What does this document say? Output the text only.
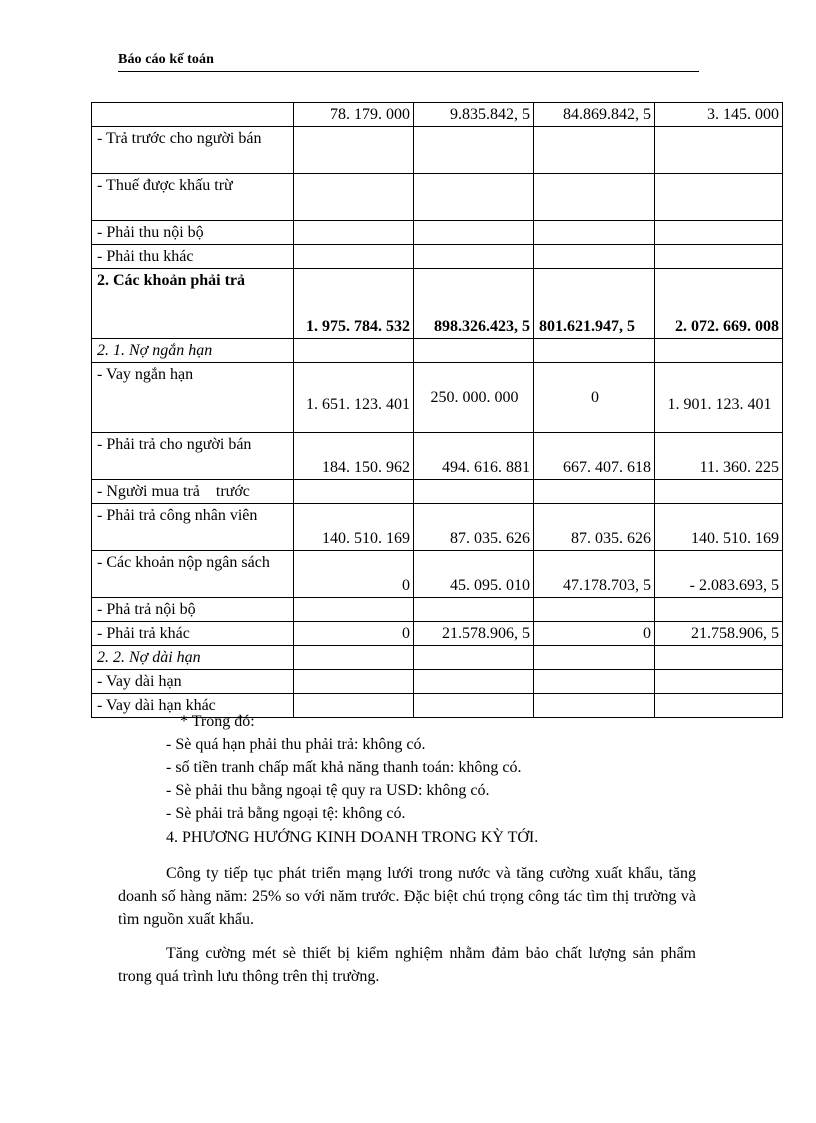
Báo cáo kế toán
	78. 179. 000	9.835.842, 5	84.869.842, 5	3. 145. 000
- Trả trước cho người bán				
- Thuế được khấu trừ				
- Phải thu nội bộ				
- Phải thu khác				
2. Các khoản phải trả	1. 975. 784. 532	898.326.423, 5	801.621.947, 5	2. 072. 669. 008
2. 1. Nợ ngắn hạn				
- Vay ngắn hạn	1. 651. 123. 401	250. 000. 000	0	1. 901. 123. 401
- Phải trả cho người bán	184. 150. 962	494. 616. 881	667. 407. 618	11. 360. 225
- Người mua trả    trước				
- Phải trả công nhân viên	140. 510. 169	87. 035. 626	87. 035. 626	140. 510. 169
- Các khoản nộp ngân sách	0	45. 095. 010	47.178.703, 5	- 2.083.693, 5
- Phả trả nội bộ				
- Phải trả khác	0	21.578.906, 5	0	21.758.906, 5
2. 2. Nợ dài hạn				
- Vay dài hạn				
- Vay dài hạn khác				
* Trong đó:
- Sè quá hạn phải thu phải trả: không có.
- số tiền tranh chấp mất khả năng thanh toán: không có.
- Sè phải thu bằng ngoại tệ quy ra USD: không có.
- Sè phải trả bằng ngoại tệ: không có.
4. PHƯƠNG HƯỚNG KINH DOANH TRONG KỲ TỚI.
Công ty tiếp tục phát triển mạng lưới trong nước và tăng cường xuất khẩu, tăng doanh số hàng năm: 25% so với năm trước. Đặc biệt chú trọng công tác tìm thị trường và tìm nguồn xuất khẩu.
Tăng cường mét sè thiết bị kiểm nghiệm nhằm đảm bảo chất lượng sản phẩm trong quá trình lưu thông trên thị trường.
